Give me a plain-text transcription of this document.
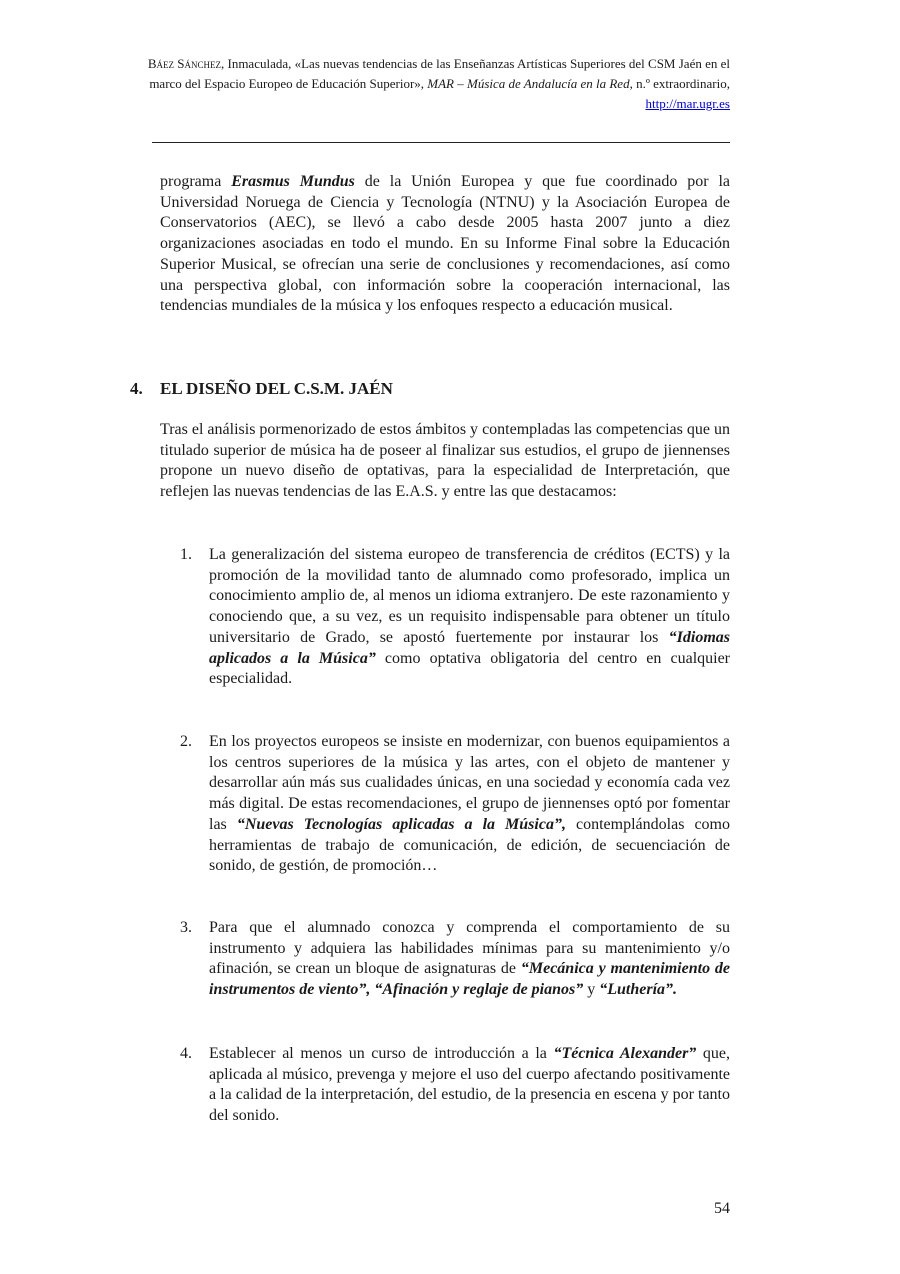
Báez Sánchez, Inmaculada, «Las nuevas tendencias de las Enseñanzas Artísticas Superiores del CSM Jaén en el marco del Espacio Europeo de Educación Superior», MAR – Música de Andalucía en la Red, n.º extraordinario, http://mar.ugr.es
programa Erasmus Mundus de la Unión Europea y que fue coordinado por la Universidad Noruega de Ciencia y Tecnología (NTNU) y la Asociación Europea de Conservatorios (AEC), se llevó a cabo desde 2005 hasta 2007 junto a diez organizaciones asociadas en todo el mundo. En su Informe Final sobre la Educación Superior Musical, se ofrecían una serie de conclusiones y recomendaciones, así como una perspectiva global, con información sobre la cooperación internacional, las tendencias mundiales de la música y los enfoques respecto a educación musical.
4. EL DISEÑO DEL C.S.M. JAÉN
Tras el análisis pormenorizado de estos ámbitos y contempladas las competencias que un titulado superior de música ha de poseer al finalizar sus estudios, el grupo de jiennenses propone un nuevo diseño de optativas, para la especialidad de Interpretación, que reflejen las nuevas tendencias de las E.A.S. y entre las que destacamos:
1.	La generalización del sistema europeo de transferencia de créditos (ECTS) y la promoción de la movilidad tanto de alumnado como profesorado, implica un conocimiento amplio de, al menos un idioma extranjero. De este razonamiento y conociendo que, a su vez, es un requisito indispensable para obtener un título universitario de Grado, se apostó fuertemente por instaurar los “Idiomas aplicados a la Música” como optativa obligatoria del centro en cualquier especialidad.
2.	En los proyectos europeos se insiste en modernizar, con buenos equipamientos a los centros superiores de la música y las artes, con el objeto de mantener y desarrollar aún más sus cualidades únicas, en una sociedad y economía cada vez más digital. De estas recomendaciones, el grupo de jiennenses optó por fomentar las “Nuevas Tecnologías aplicadas a la Música”, contemplándolas como herramientas de trabajo de comunicación, de edición, de secuenciación de sonido, de gestión, de promoción…
3.	Para que el alumnado conozca y comprenda el comportamiento de su instrumento y adquiera las habilidades mínimas para su mantenimiento y/o afinación, se crean un bloque de asignaturas de “Mecánica y mantenimiento de instrumentos de viento”, “Afinación y reglaje de pianos” y “Luthería”.
4.	Establecer al menos un curso de introducción a la “Técnica Alexander” que, aplicada al músico, prevenga y mejore el uso del cuerpo afectando positivamente a la calidad de la interpretación, del estudio, de la presencia en escena y por tanto del sonido.
54
